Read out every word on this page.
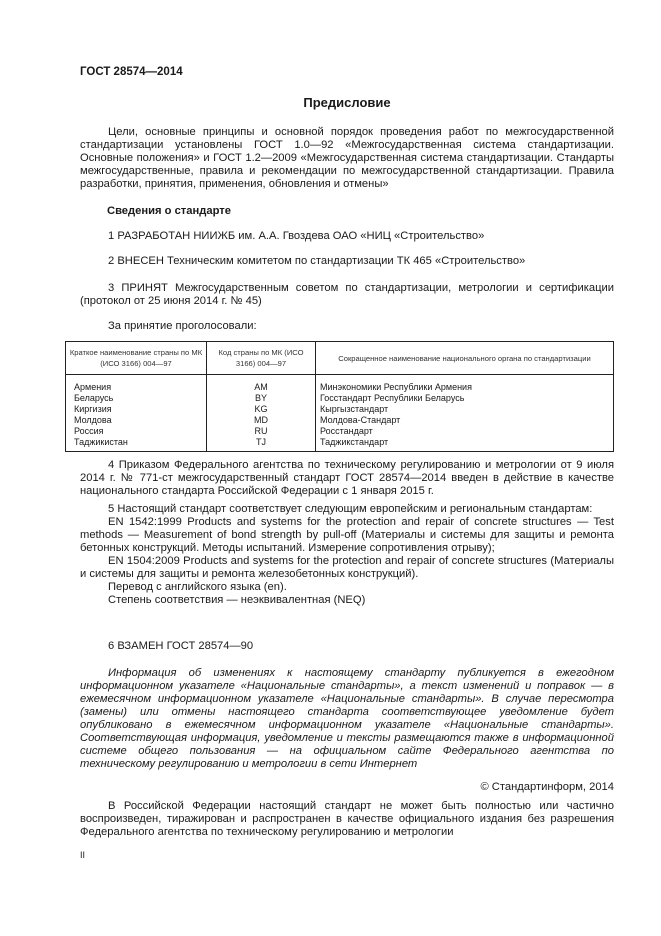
ГОСТ 28574—2014
Предисловие

Цели, основные принципы и основной порядок проведения работ по межгосударственной стандартизации установлены ГОСТ 1.0—92 «Межгосударственная система стандартизации. Основные положения» и ГОСТ 1.2—2009 «Межгосударственная система стандартизации. Стандарты межгосударственные, правила и рекомендации по межгосударственной стандартизации. Правила разработки, принятия, применения, обновления и отмены»

Сведения о стандарте

1 РАЗРАБОТАН НИИЖБ им. А.А. Гвоздева ОАО «НИЦ «Строительство»

2 ВНЕСЕН Техническим комитетом по стандартизации ТК 465 «Строительство»

3 ПРИНЯТ Межгосударственным советом по стандартизации, метрологии и сертификации (протокол от 25 июня 2014 г. № 45)

За принятие проголосовали:

Краткое наименование страны по МК (ИСО 3166) 004—97	Код страны по МК (ИСО 3166) 004—97	Сокращенное наименование национального органа по стандартизации
Армения	AM	Минэкономики Республики Армения
Беларусь	BY	Госстандарт Республики Беларусь
Киргизия	KG	Кыргызстандарт
Молдова	MD	Молдова-Стандарт
Россия	RU	Росстандарт
Таджикистан	TJ	Таджикстандарт

4 Приказом Федерального агентства по техническому регулированию и метрологии от 9 июля 2014 г. № 771-ст межгосударственный стандарт ГОСТ 28574—2014 введен в действие в качестве национального стандарта Российской Федерации с 1 января 2015 г.

5 Настоящий стандарт соответствует следующим европейским и региональным стандартам:

EN 1542:1999 Products and systems for the protection and repair of concrete structures — Test methods — Measurement of bond strength by pull-off (Материалы и системы для защиты и ремонта бетонных конструкций. Методы испытаний. Измерение сопротивления отрыву);

EN 1504:2009 Products and systems for the protection and repair of concrete structures (Материалы и системы для защиты и ремонта железобетонных конструкций).

Перевод с английского языка (en).

Степень соответствия — неэквивалентная (NEQ)

6 ВЗАМЕН ГОСТ 28574—90

Информация об изменениях к настоящему стандарту публикуется в ежегодном информационном указателе «Национальные стандарты», а текст изменений и поправок — в ежемесячном информационном указателе «Национальные стандарты». В случае пересмотра (замены) или отмены настоящего стандарта соответствующее уведомление будет опубликовано в ежемесячном информационном указателе «Национальные стандарты». Соответствующая информация, уведомление и тексты размещаются также в информационной системе общего пользования — на официальном сайте Федерального агентства по техническому регулированию и метрологии в сети Интернет

© Стандартинформ, 2014

В Российской Федерации настоящий стандарт не может быть полностью или частично воспроизведен, тиражирован и распространен в качестве официального издания без разрешения Федерального агентства по техническому регулированию и метрологии

II
